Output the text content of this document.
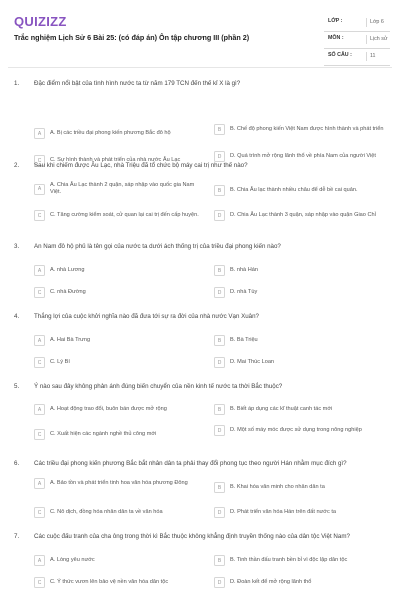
QUIZIZZ
Trắc nghiệm Lịch Sử 6 Bài 25: (có đáp án) Ôn tập chương III (phần 2)
LỚP :	Lớp 6
MÔN :	Lịch sử
SỐ CÂU :	11
1. Đặc điểm nổi bật của tình hình nước ta từ năm 179 TCN đến thế kỉ X là gì?
A	A. Bị các triều đại phong kiến phương Bắc đô hộ
B	B. Chế độ phong kiến Việt Nam được hình thành và phát triển
C	C. Sự hình thành và phát triển của nhà nước Âu Lạc
D	D. Quá trình mở rộng lãnh thổ về phía Nam của người Việt
2. Sau khi chiếm được Âu Lạc, nhà Triệu đã tổ chức bộ máy cai trị như thế nào?
A
A. Chia Âu Lạc thành 2 quận, sáp nhập vào quốc gia Nam Việt.	B	B. Chia Âu lạc thành nhiều châu để dễ bề cai quản.
C	C. Tăng cường kiểm soát, cử quan lại cai trị đến cấp huyện.	D	D. Chia Âu Lạc thành 3 quận, sáp nhập vào quận Giao Chỉ
3. An Nam đô hộ phủ là tên gọi của nước ta dưới ách thống trị của triều đại phong kiến nào?
A	A. nhà Lương	B	B. nhà Hán
C	C. nhà Đường	D	D. nhà Tùy
4. Thắng lợi của cuộc khởi nghĩa nào đã đưa tới sự ra đời của nhà nước Vạn Xuân?
A	A. Hai Bà Trưng	B	B. Bà Triệu
C	C. Lý Bí	D	D. Mai Thúc Loan
5. Ý nào sau đây không phản ánh đúng biến chuyển của nền kinh tế nước ta thời Bắc thuộc?
A	A. Hoạt động trao đổi, buôn bán được mở rộng	B	B. Biết áp dụng các kĩ thuật canh tác mới
C	C. Xuất hiện các ngành nghề thủ công mới
D	D. Một số máy móc được sử dụng trong nông nghiệp
6. Các triều đại phong kiến phương Bắc bắt nhân dân ta phải thay đổi phong tục theo người Hán nhằm mục đích gì?
A	A. Bảo tồn và phát triển tinh hoa văn hóa phương Đông
B	B. Khai hóa văn minh cho nhân dân ta
C	C. Nô dịch, đồng hóa nhân dân ta về văn hóa	D	D. Phát triển văn hóa Hán trên đất nước ta
7. Các cuộc đấu tranh của cha ông trong thời kì Bắc thuộc không khẳng định truyền thống nào của dân tộc Việt Nam?
A	A. Lòng yêu nước	B	B. Tinh thần đấu tranh bền bỉ vì độc lập dân tộc
C	C. Ý thức vươn lên bảo vệ nền văn hóa dân tộc	D	D. Đoàn kết để mở rộng lãnh thổ
